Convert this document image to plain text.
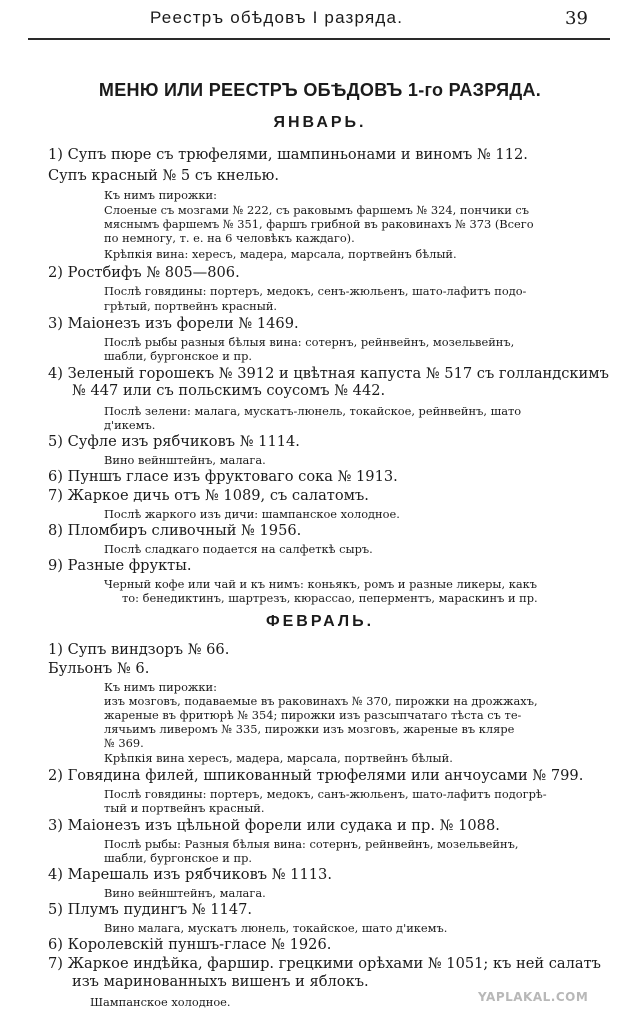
Реестръ обѣдовъ I разряда.	39
МЕНЮ ИЛИ РЕЕСТРЪ ОБѢДОВЪ 1-го РАЗРЯДА.
ЯНВАРЬ.
1) Супъ пюре съ трюфелями, шампиньонами и виномъ № 112.
Супъ красный № 5 съ кнелью.
Къ нимъ пирожки:
Слоеные съ мозгами № 222, съ раковымъ фаршемъ № 324, пончики съ
мяснымъ фаршемъ № 351, фаршъ грибной въ раковинахъ № 373 (Всего
по немногу, т. е. на 6 человѣкъ каждаго).
Крѣпкія вина: хересъ, мадера, марсала, портвейнъ бѣлый.
2) Ростбифъ № 805—806.
Послѣ говядины: портеръ, медокъ, сенъ-жюльенъ, шато-лафитъ подо-
грѣтый, портвейнъ красный.
3) Маіонезъ изъ форели № 1469.
Послѣ рыбы разныя бѣлыя вина: сотернъ, рейнвейнъ, мозельвейнъ,
шабли, бургонское и пр.
4) Зеленый горошекъ № 3912 и цвѣтная капуста № 517 съ голландскимъ
№ 447 или съ польскимъ соусомъ № 442.
Послѣ зелени: малага, мускатъ-люнель, токайское, рейнвейнъ, шато
д'икемъ.
5) Суфле изъ рябчиковъ № 1114.
Вино вейнштейнъ, малага.
6) Пуншъ гласе изъ фруктоваго сока № 1913.
7) Жаркое дичь отъ № 1089, съ салатомъ.
Послѣ жаркого изъ дичи: шампанское холодное.
8) Пломбиръ сливочный № 1956.
Послѣ сладкаго подается на салфеткѣ сыръ.
9) Разные фрукты.
Черный кофе или чай и къ нимъ: коньякъ, ромъ и разные ликеры, какъ
то: бенедиктинъ, шартрезъ, кюрассао, пеперментъ, мараскинъ и пр.
ФЕВРАЛЬ.
1) Супъ виндзоръ № 66.
Бульонъ № 6.
Къ нимъ пирожки:
изъ мозговъ, подаваемые въ раковинахъ № 370, пирожки на дрожжахъ,
жареные въ фритюрѣ № 354; пирожки изъ разсыпчатаго тѣста съ те-
лячьимъ ливеромъ № 335, пирожки изъ мозговъ, жареные въ кляре
№ 369.
Крѣпкія вина хересъ, мадера, марсала, портвейнъ бѣлый.
2) Говядина филей, шпикованный трюфелями или анчоусами № 799.
Послѣ говядины: портеръ, медокъ, санъ-жюльенъ, шато-лафитъ подогрѣ-
тый и портвейнъ красный.
3) Маіонезъ изъ цѣльной форели или судака и пр. № 1088.
Послѣ рыбы: Разныя бѣлыя вина: сотернъ, рейнвейнъ, мозельвейнъ,
шабли, бургонское и пр.
4) Марешаль изъ рябчиковъ № 1113.
Вино вейнштейнъ, малага.
5) Плумъ пудингъ № 1147.
Вино малага, мускатъ люнель, токайское, шато д'икемъ.
6) Королевскій пуншъ-гласе № 1926.
7) Жаркое индѣйка, фаршир. грецкими орѣхами № 1051; къ ней салатъ
изъ маринованныхъ вишенъ и яблокъ.
Шампанское холодное.	YAPLAKAL.COM
